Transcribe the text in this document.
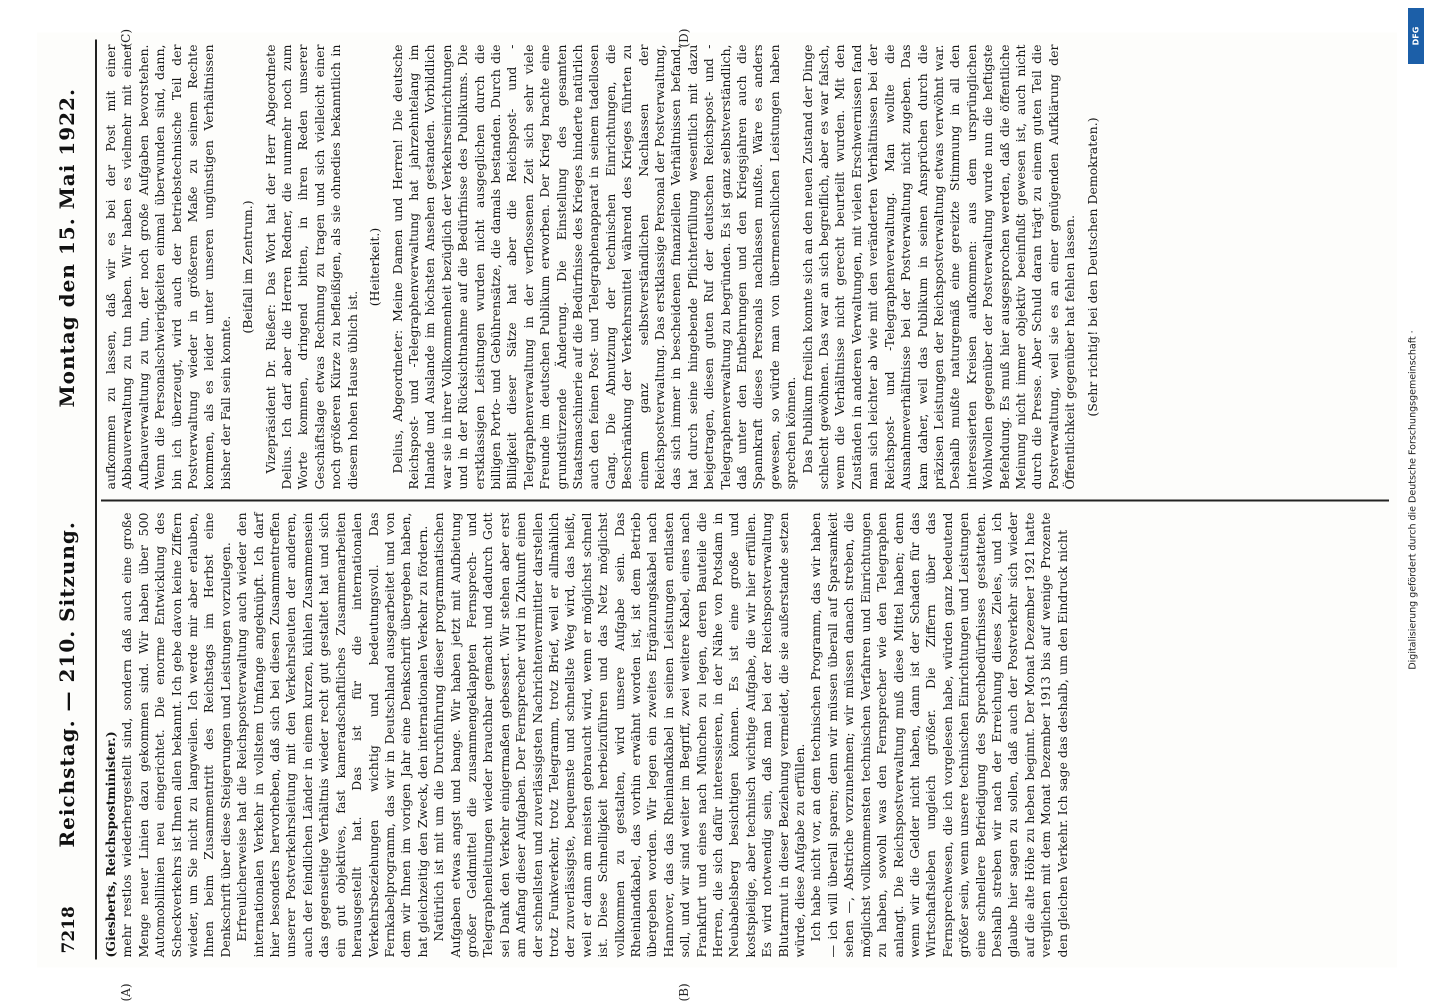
7218
Reichstag. — 210. Sitzung.
Montag den 15. Mai 1922.
(A)	(B)
(C)	(D)

(Giesberts, Reichspostminister.) mehr restlos wiederhergestellt sind, sondern daß auch eine große Menge neuer Linien dazu gekommen sind. Wir haben über 500 Automobillinien neu eingerichtet. Die enorme Entwicklung des Scheckverkehrs ist Ihnen allen bekannt. Ich gebe davon keine Ziffern wieder, um Sie nicht zu langweilen. Ich werde mir aber erlauben, Ihnen beim Zusammentritt des Reichstags im Herbst eine Denkschrift über diese Steigerungen und Leistungen vorzulegen. Erfreulicherweise hat die Reichspostverwaltung auch wieder den internationalen Verkehr in vollstem Umfange angeknüpft. Ich darf hier besonders hervorheben, daß sich bei diesen Zusammentreffen unserer Postverkehrsleitung mit den Verkehrsleuten der anderen, auch der feindlichen Länder in einem kurzen, kühlen Zusammensein das gegenseitige Verhältnis wieder recht gut gestaltet hat und sich ein gut objektives, fast kameradschaftliches Zusammenarbeiten herausgestellt hat. Das ist für die internationalen Verkehrsbeziehungen wichtig und bedeutungsvoll. Das Fernkabelprogramm, das wir in Deutschland ausgearbeitet und von dem wir Ihnen im vorigen Jahr eine Denkschrift übergeben haben, hat gleichzeitig den Zweck, den internationalen Verkehr zu fördern. Natürlich ist mit um die Durchführung dieser programmatischen Aufgaben etwas angst und bange. Wir haben jetzt mit Aufbietung großer Geldmittel die zusammengeklappten Fernsprech- und Telegraphenleitungen wieder brauchbar gemacht und dadurch Gott sei Dank den Verkehr einigermaßen gebessert. Wir stehen aber erst am Anfang dieser Aufgaben. Der Fernsprecher wird in Zukunft einen der schnellsten und zuverlässigsten Nachrichtenvermittler darstellen trotz Funkverkehr, trotz Telegramm, trotz Brief, weil er allmählich der zuverlässigste, bequemste und schnellste Weg wird, das heißt, weil er dann am meisten gebraucht wird, wenn er möglichst schnell ist. Diese Schnelligkeit herbeizuführen und das Netz möglichst vollkommen zu gestalten, wird unsere Aufgabe sein. Das Rheinlandkabel, das vorhin erwähnt worden ist, ist dem Betrieb übergeben worden. Wir legen ein zweites Ergänzungskabel nach Hannover, das das Rheinlandkabel in seinen Leistungen entlasten soll, und wir sind weiter im Begriff, zwei weitere Kabel, eines nach Frankfurt und eines nach München zu legen, deren Bauteile die Herren, die sich dafür interessieren, in der Nähe von Potsdam in Neubabelsberg besichtigen können. Es ist eine große und kostspielige, aber technisch wichtige Aufgabe, die wir hier erfüllen. Es wird notwendig sein, daß man bei der Reichspostverwaltung Blutarmut in dieser Beziehung vermeidet, die sie außerstande setzen würde, diese Aufgabe zu erfüllen. Ich habe nicht vor, an dem technischen Programm, das wir haben — ich will überall sparen; denn wir müssen überall auf Sparsamkeit sehen —, Abstriche vorzunehmen; wir müssen danach streben, die möglichst vollkommensten technischen Verfahren und Einrichtungen zu haben, sowohl was den Fernsprecher wie den Telegraphen anlangt. Die Reichspostverwaltung muß diese Mittel haben; denn wenn wir die Gelder nicht haben, dann ist der Schaden für das Wirtschaftsleben ungleich größer. Die Ziffern über das Fernsprechwesen, die ich vorgelesen habe, würden ganz bedeutend größer sein, wenn unsere technischen Einrichtungen und Leistungen eine schnellere Befriedigung des Sprechbedürfnisses gestatteten. Deshalb streben wir nach der Erreichung dieses Zieles, und ich glaube hier sagen zu sollen, daß auch der Postverkehr sich wieder auf die alte Höhe zu heben beginnt. Der Monat Dezember 1921 hatte verglichen mit dem Monat Dezember 1913 bis auf wenige Prozente den gleichen Verkehr. Ich sage das deshalb, um den Eindruck nicht

aufkommen zu lassen, daß wir es bei der Post mit einer Abbauverwaltung zu tun haben. Wir haben es vielmehr mit einer Aufbauverwaltung zu tun, der noch große Aufgaben bevorstehen. Wenn die Personalschwierigkeiten einmal überwunden sind, dann, bin ich überzeugt, wird auch der betriebstechnische Teil der Postverwaltung wieder in größerem Maße zu seinem Rechte kommen, als es leider unter unseren ungünstigen Verhältnissen bisher der Fall sein konnte.

(Beifall im Zentrum.) Vizepräsident Dr. Rießer: Das Wort hat der Herr Abgeordnete Delius. Ich darf aber die Herren Redner, die nunmehr noch zum Worte kommen, dringend bitten, in ihren Reden unserer Geschäftslage etwas Rechnung zu tragen und sich vielleicht einer noch größeren Kürze zu befleißigen, als sie ohnedies bekanntlich in diesem hohen Hause üblich ist.

(Heiterkeit.) Delius, Abgeordneter: Meine Damen und Herren! Die deutsche Reichspost- und -Telegraphenverwaltung hat jahrzehntelang im Inlande und Auslande im höchsten Ansehen gestanden. Vorbildlich war sie in ihrer Vollkommenheit bezüglich der Verkehrseinrichtungen und in der Rücksichtnahme auf die Bedürfnisse des Publikums. Die erstklassigen Leistungen wurden nicht ausgeglichen durch die billigen Porto- und Gebührensätze, die damals bestanden. Durch die Billigkeit dieser Sätze hat aber die Reichspost- und -Telegraphenverwaltung in der verflossenen Zeit sich sehr viele Freunde im deutschen Publikum erworben. Der Krieg brachte eine grundstürzende Änderung. Die Einstellung des gesamten Staatsmaschinerie auf die Bedürfnisse des Krieges hinderte natürlich auch den feinen Post- und Telegraphenapparat in seinem tadellosen Gang. Die Abnutzung der technischen Einrichtungen, die Beschränkung der Verkehrsmittel während des Krieges führten zu einem ganz selbstverständlichen Nachlassen der Reichspostverwaltung. Das erstklassige Personal der Postverwaltung, das sich immer in bescheidenen finanziellen Verhältnissen befand, hat durch seine hingebende Pflichterfüllung wesentlich mit dazu beigetragen, diesen guten Ruf der deutschen Reichspost- und -Telegraphenverwaltung zu begründen. Es ist ganz selbstverständlich, daß unter den Entbehrungen und den Kriegsjahren auch die Spannkraft dieses Personals nachlassen mußte. Wäre es anders gewesen, so würde man von übermenschlichen Leistungen haben sprechen können. Das Publikum freilich konnte sich an den neuen Zustand der Dinge schlecht gewöhnen. Das war an sich begreiflich, aber es war falsch, wenn die Verhältnisse nicht gerecht beurteilt wurden. Mit den Zuständen in anderen Verwaltungen, mit vielen Erschwernissen fand man sich leichter ab wie mit den veränderten Verhältnissen bei der Reichspost- und -Telegraphenverwaltung. Man wollte die Ausnahmeverhältnisse bei der Postverwaltung nicht zugeben. Das kam daher, weil das Publikum in seinen Ansprüchen durch die präzisen Leistungen der Reichspostverwaltung etwas verwöhnt war. Deshalb mußte naturgemäß eine gereizte Stimmung in all den interessierten Kreisen aufkommen: aus dem ursprünglichen Wohlwollen gegenüber der Postverwaltung wurde nun die heftigste Befehdung. Es muß hier ausgesprochen werden, daß die öffentliche Meinung nicht immer objektiv beeinflußt gewesen ist, auch nicht durch die Presse. Aber Schuld daran trägt zu einem guten Teil die Postverwaltung, weil sie es an einer genügenden Aufklärung der Öffentlichkeit gegenüber hat fehlen lassen. (Sehr richtig! bei den Deutschen Demokraten.)

DFG
Digitalisierung gefördert durch die Deutsche Forschungsgemeinschaft ·
